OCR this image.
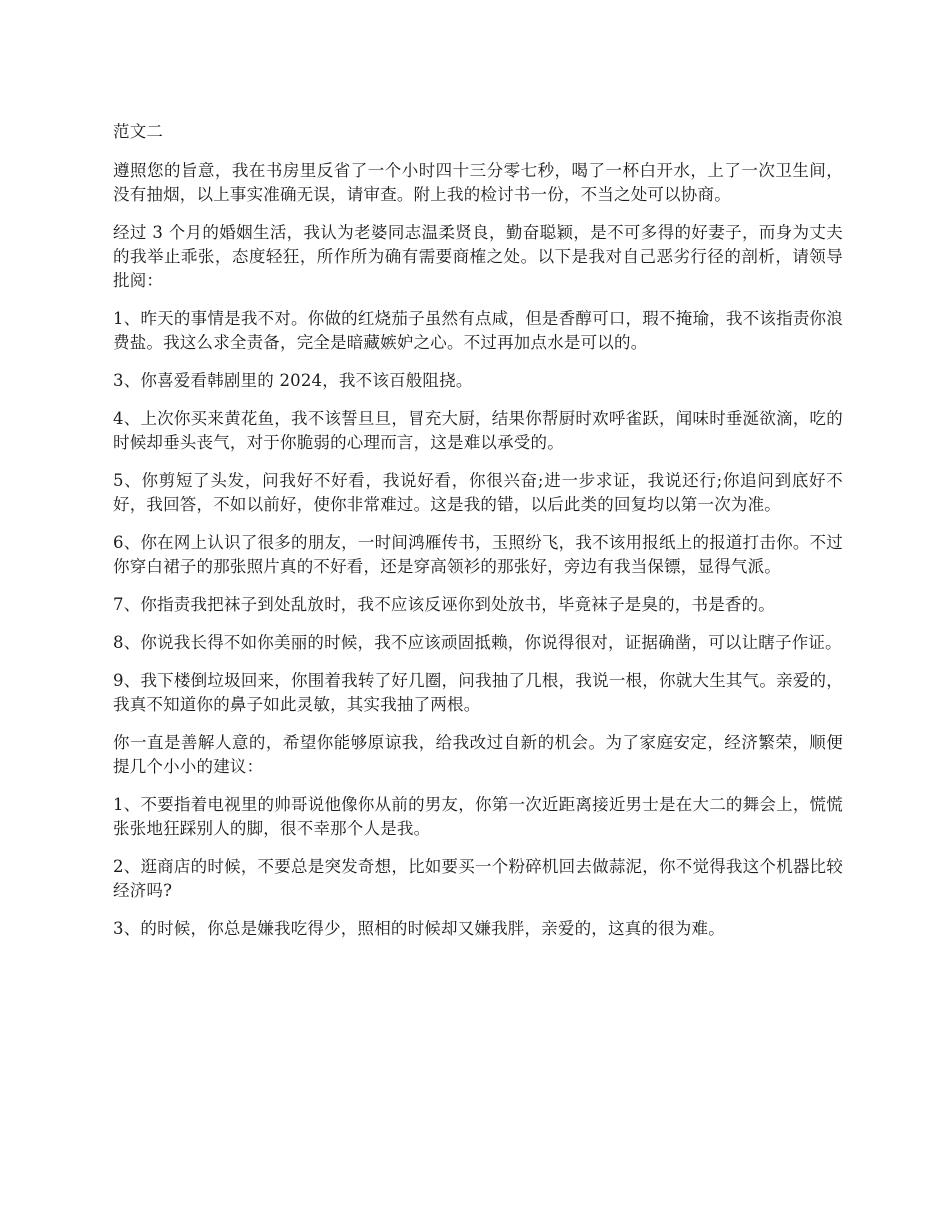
范文二

遵照您的旨意，我在书房里反省了一个小时四十三分零七秒，喝了一杯白开水，上了一次卫生间，没有抽烟，以上事实准确无误，请审查。附上我的检讨书一份，不当之处可以协商。

经过 3 个月的婚姻生活，我认为老婆同志温柔贤良，勤奋聪颖，是不可多得的好妻子，而身为丈夫的我举止乖张，态度轻狂，所作所为确有需要商榷之处。以下是我对自己恶劣行径的剖析，请领导批阅：

1、昨天的事情是我不对。你做的红烧茄子虽然有点咸，但是香醇可口，瑕不掩瑜，我不该指责你浪费盐。我这么求全责备，完全是暗藏嫉妒之心。不过再加点水是可以的。

3、你喜爱看韩剧里的 2024，我不该百般阻挠。

4、上次你买来黄花鱼，我不该誓旦旦，冒充大厨，结果你帮厨时欢呼雀跃，闻味时垂涎欲滴，吃的时候却垂头丧气，对于你脆弱的心理而言，这是难以承受的。

5、你剪短了头发，问我好不好看，我说好看，你很兴奋;进一步求证，我说还行;你追问到底好不好，我回答，不如以前好，使你非常难过。这是我的错，以后此类的回复均以第一次为准。

6、你在网上认识了很多的朋友，一时间鸿雁传书，玉照纷飞，我不该用报纸上的报道打击你。不过你穿白裙子的那张照片真的不好看，还是穿高领衫的那张好，旁边有我当保镖，显得气派。

7、你指责我把袜子到处乱放时，我不应该反诬你到处放书，毕竟袜子是臭的，书是香的。

8、你说我长得不如你美丽的时候，我不应该顽固抵赖，你说得很对，证据确凿，可以让瞎子作证。

9、我下楼倒垃圾回来，你围着我转了好几圈，问我抽了几根，我说一根，你就大生其气。亲爱的，我真不知道你的鼻子如此灵敏，其实我抽了两根。

你一直是善解人意的，希望你能够原谅我，给我改过自新的机会。为了家庭安定，经济繁荣，顺便提几个小小的建议：

1、不要指着电视里的帅哥说他像你从前的男友，你第一次近距离接近男士是在大二的舞会上，慌慌张张地狂踩别人的脚，很不幸那个人是我。

2、逛商店的时候，不要总是突发奇想，比如要买一个粉碎机回去做蒜泥，你不觉得我这个机器比较经济吗?

3、的时候，你总是嫌我吃得少，照相的时候却又嫌我胖，亲爱的，这真的很为难。
